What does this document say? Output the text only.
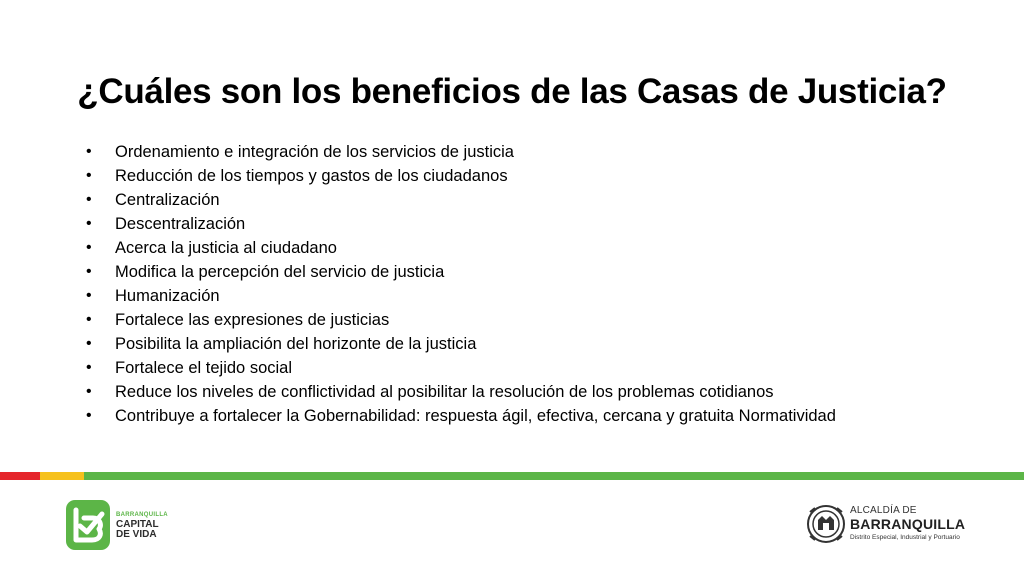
¿Cuáles son los beneficios de las Casas de Justicia?
• Ordenamiento e integración de los servicios de justicia
• Reducción de los tiempos y gastos de los ciudadanos
• Centralización
• Descentralización
• Acerca la justicia al ciudadano
• Modifica la percepción del servicio de justicia
• Humanización
• Fortalece las expresiones de justicias
• Posibilita la ampliación del horizonte de la justicia
• Fortalece el tejido social
• Reduce los niveles de conflictividad al posibilitar la resolución de los problemas cotidianos
• Contribuye a fortalecer la Gobernabilidad: respuesta ágil, efectiva, cercana y gratuita Normatividad
BARRANQUILLA
CAPITAL
DE VIDA
ALCALDÍA DE
BARRANQUILLA
Distrito Especial, Industrial y Portuario
